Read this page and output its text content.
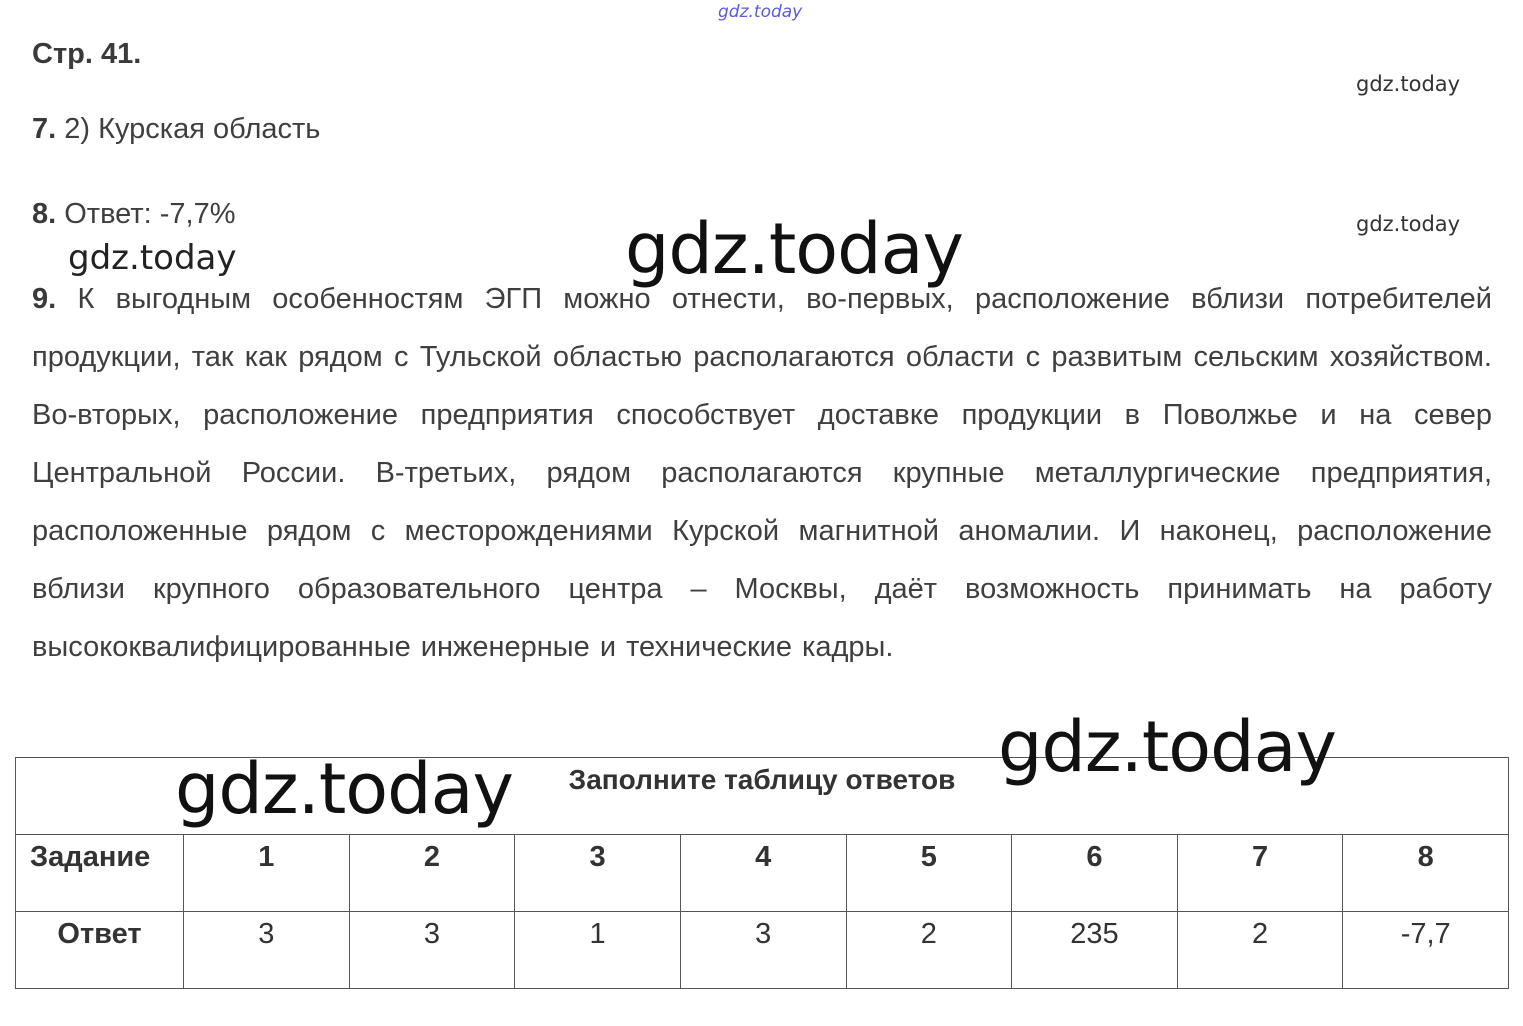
gdz.today
gdz.today
gdz.today
Стр. 41.
7. 2) Курская область
8. Ответ: -7,7%
gdz.today
9. К выгодным особенностям ЭГП можно отнести, во-первых, расположение вблизи потребителей продукции, так как рядом с Тульской областью располагаются области с развитым сельским хозяйством. Во-вторых, расположение предприятия способствует доставке продукции в Поволжье и на север Центральной России. В-третьих, рядом располагаются крупные металлургические предприятия, расположенные рядом с месторождениями Курской магнитной аномалии. И наконец, расположение вблизи крупного образовательного центра – Москвы, даёт возможность принимать на работу высококвалифицированные инженерные и технические кадры.
gdz.today
Заполните таблицу ответов								
Задание	1	2	3	4	5	6	7	8
Ответ	3	3	1	3	2	235	2	-7,7
gdz.today
gdz.today
